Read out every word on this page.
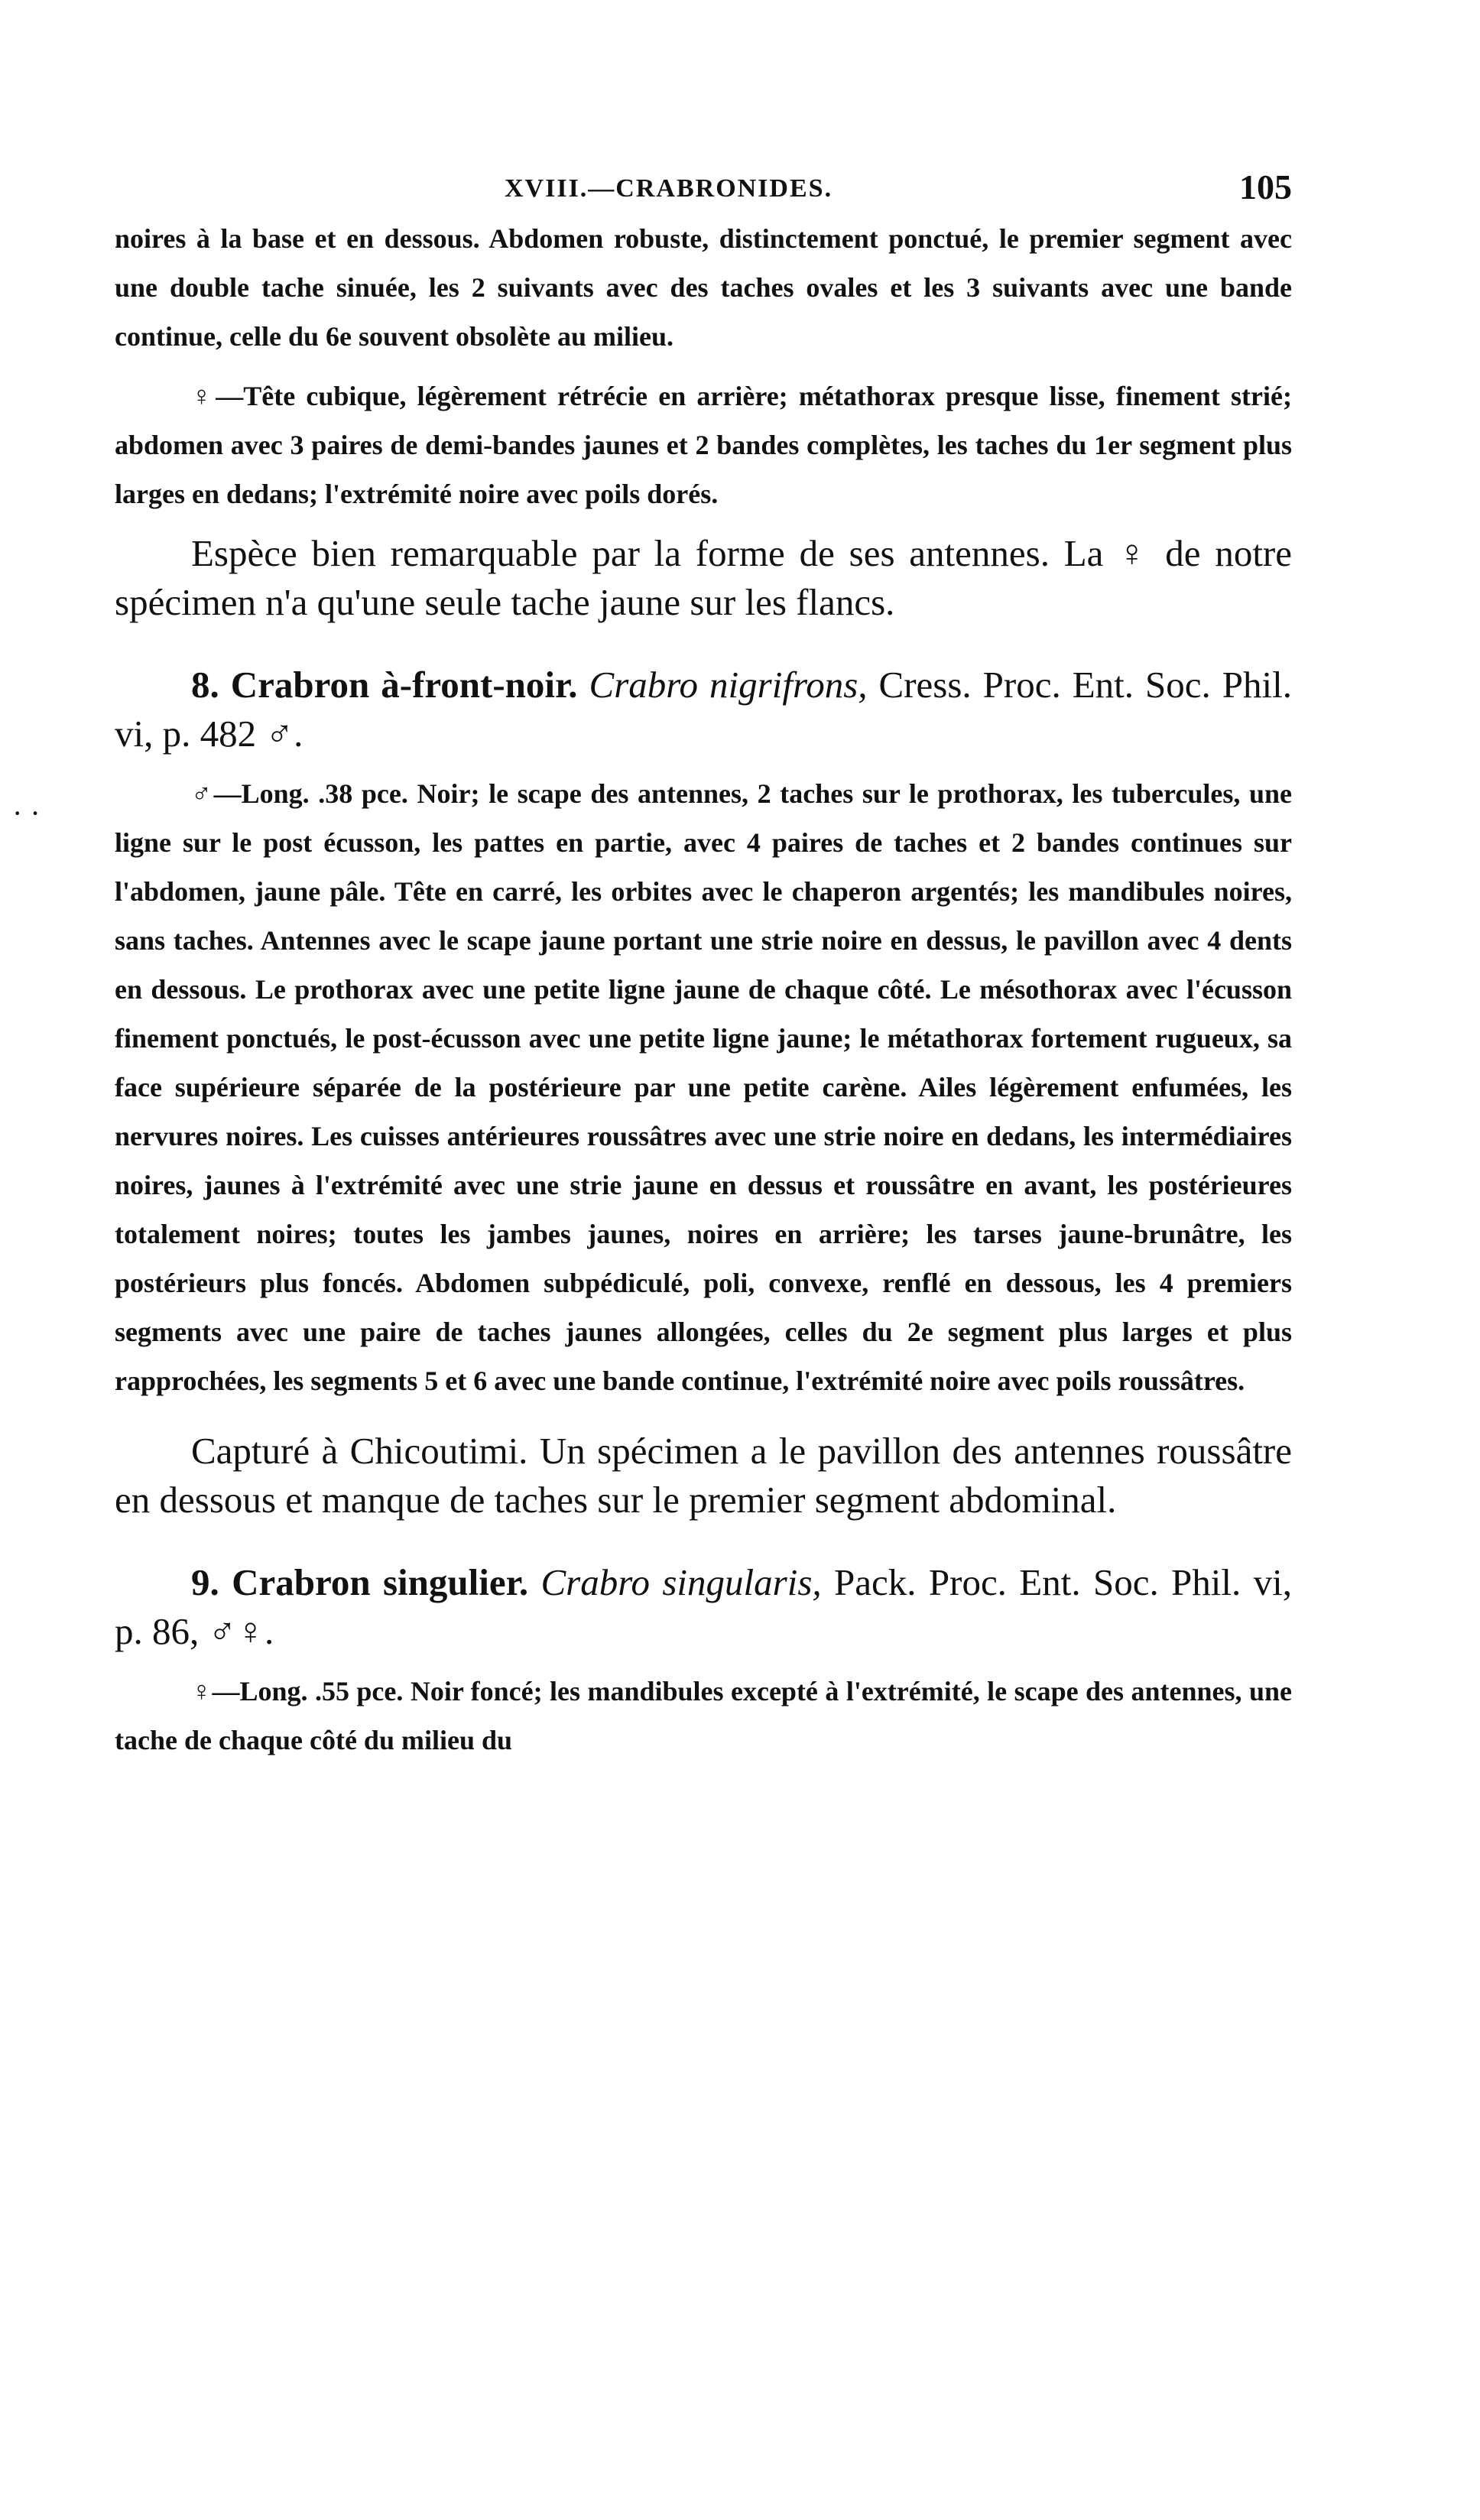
XVIII.—CRABRONIDES.	105

noires à la base et en dessous. Abdomen robuste, distinctement ponctué, le premier segment avec une double tache sinuée, les 2 suivants avec des taches ovales et les 3 suivants avec une bande continue, celle du 6e souvent obsolète au milieu.

♀—Tête cubique, légèrement rétrécie en arrière; métathorax presque lisse, finement strié; abdomen avec 3 paires de demi-bandes jaunes et 2 bandes complètes, les taches du 1er segment plus larges en dedans; l'extrémité noire avec poils dorés.

Espèce bien remarquable par la forme de ses antennes. La ♀ de notre spécimen n'a qu'une seule tache jaune sur les flancs.

8. Crabron à-front-noir. Crabro nigrifrons, Cress. Proc. Ent. Soc. Phil. vi, p. 482 ♂.

♂—Long. .38 pce. Noir; le scape des antennes, 2 taches sur le prothorax, les tubercules, une ligne sur le post écusson, les pattes en partie, avec 4 paires de taches et 2 bandes continues sur l'abdomen, jaune pâle. Tête en carré, les orbites avec le chaperon argentés; les mandibules noires, sans taches. Antennes avec le scape jaune portant une strie noire en dessus, le pavillon avec 4 dents en dessous. Le prothorax avec une petite ligne jaune de chaque côté. Le mésothorax avec l'écusson finement ponctués, le post-écusson avec une petite ligne jaune; le métathorax fortement rugueux, sa face supérieure séparée de la postérieure par une petite carène. Ailes légèrement enfumées, les nervures noires. Les cuisses antérieures roussâtres avec une strie noire en dedans, les intermédiaires noires, jaunes à l'extrémité avec une strie jaune en dessus et roussâtre en avant, les postérieures totalement noires; toutes les jambes jaunes, noires en arrière; les tarses jaune-brunâtre, les postérieurs plus foncés. Abdomen subpédiculé, poli, convexe, renflé en dessous, les 4 premiers segments avec une paire de taches jaunes allongées, celles du 2e segment plus larges et plus rapprochées, les segments 5 et 6 avec une bande continue, l'extrémité noire avec poils roussâtres.

Capturé à Chicoutimi. Un spécimen a le pavillon des antennes roussâtre en dessous et manque de taches sur le premier segment abdominal.

9. Crabron singulier. Crabro singularis, Pack. Proc. Ent. Soc. Phil. vi, p. 86, ♂♀.

♀—Long. .55 pce. Noir foncé; les mandibules excepté à l'extrémité, le scape des antennes, une tache de chaque côté du milieu du

· ·
